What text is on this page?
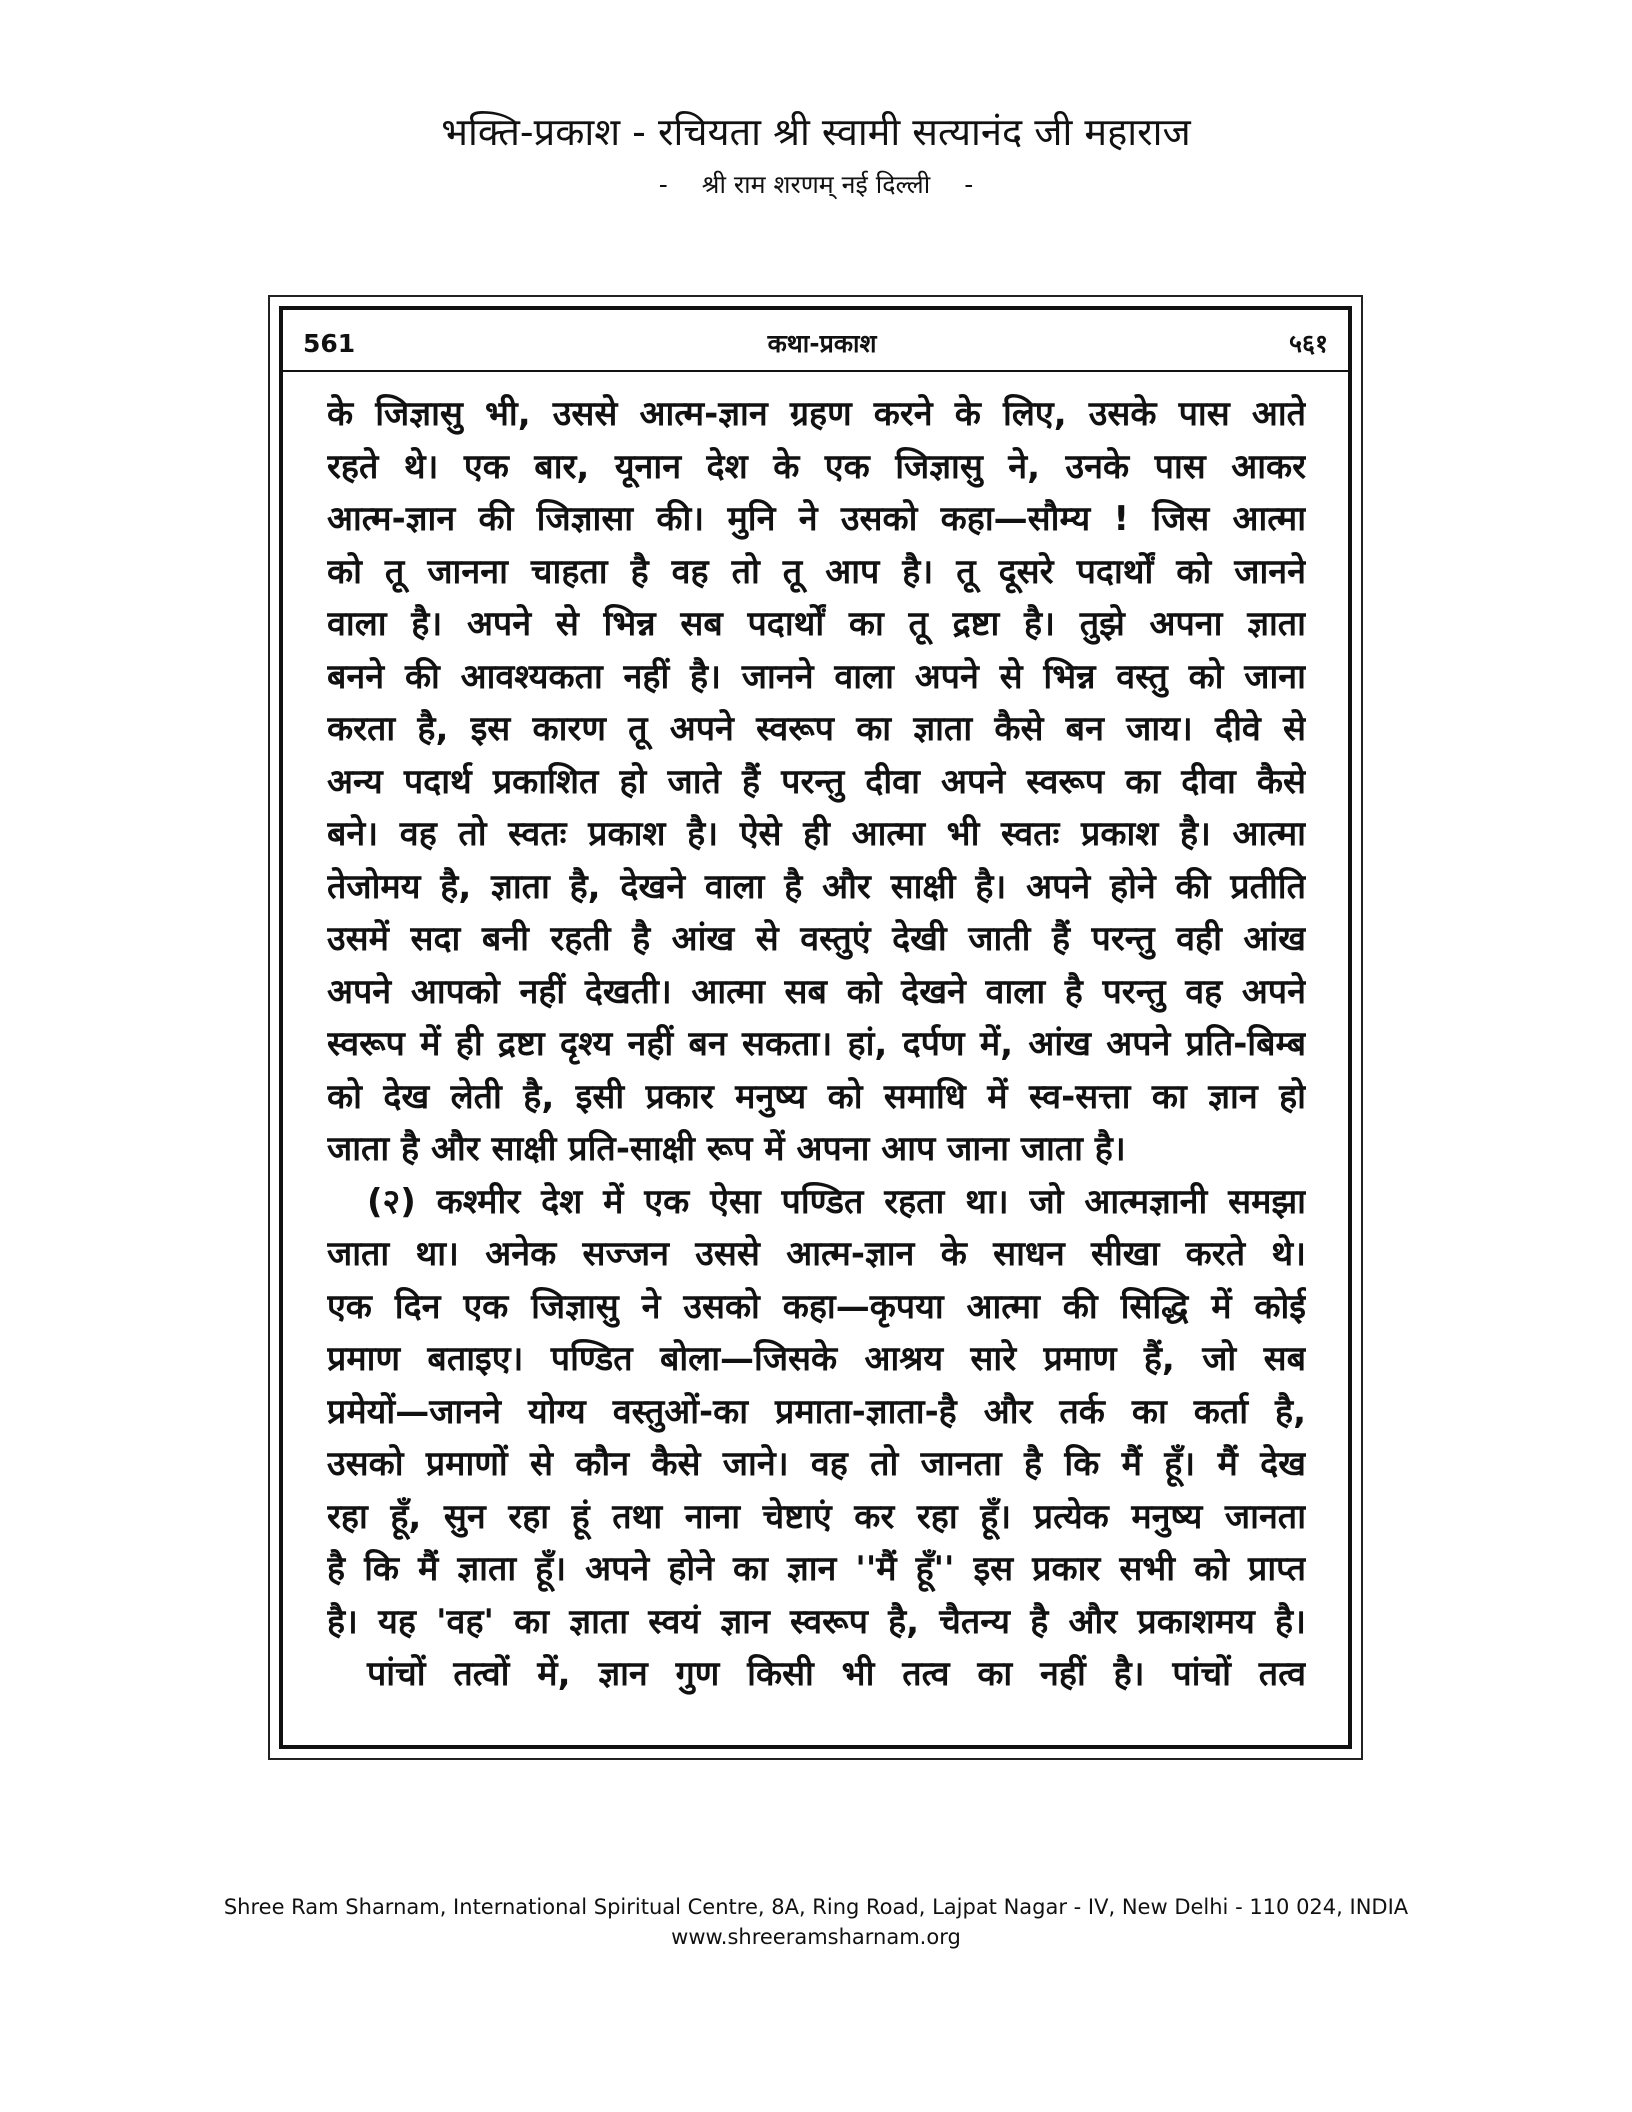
भक्ति-प्रकाश - रचियता श्री स्वामी सत्यानंद जी महाराज
- श्री राम शरणम् नई दिल्ली -
561	कथा-प्रकाश	५६१
के जिज्ञासु भी, उससे आत्म-ज्ञान ग्रहण करने के लिए, उसके पास आते
रहते थे। एक बार, यूनान देश के एक जिज्ञासु ने, उनके पास आकर
आत्म-ज्ञान की जिज्ञासा की। मुनि ने उसको कहा—सौम्य ! जिस आत्मा
को तू जानना चाहता है वह तो तू आप है। तू दूसरे पदार्थों को जानने
वाला है। अपने से भिन्न सब पदार्थों का तू द्रष्टा है। तुझे अपना ज्ञाता
बनने की आवश्यकता नहीं है। जानने वाला अपने से भिन्न वस्तु को जाना
करता है, इस कारण तू अपने स्वरूप का ज्ञाता कैसे बन जाय। दीवे से
अन्य पदार्थ प्रकाशित हो जाते हैं परन्तु दीवा अपने स्वरूप का दीवा कैसे
बने। वह तो स्वतः प्रकाश है। ऐसे ही आत्मा भी स्वतः प्रकाश है। आत्मा
तेजोमय है, ज्ञाता है, देखने वाला है और साक्षी है। अपने होने की प्रतीति
उसमें सदा बनी रहती है आंख से वस्तुएं देखी जाती हैं परन्तु वही आंख
अपने आपको नहीं देखती। आत्मा सब को देखने वाला है परन्तु वह अपने
स्वरूप में ही द्रष्टा दृश्य नहीं बन सकता। हां, दर्पण में, आंख अपने प्रति-बिम्ब
को देख लेती है, इसी प्रकार मनुष्य को समाधि में स्व-सत्ता का ज्ञान हो
जाता है और साक्षी प्रति-साक्षी रूप में अपना आप जाना जाता है।
(२) कश्मीर देश में एक ऐसा पण्डित रहता था। जो आत्मज्ञानी समझा
जाता था। अनेक सज्जन उससे आत्म-ज्ञान के साधन सीखा करते थे।
एक दिन एक जिज्ञासु ने उसको कहा—कृपया आत्मा की सिद्धि में कोई
प्रमाण बताइए। पण्डित बोला—जिसके आश्रय सारे प्रमाण हैं, जो सब
प्रमेयों—जानने योग्य वस्तुओं-का प्रमाता-ज्ञाता-है और तर्क का कर्ता है,
उसको प्रमाणों से कौन कैसे जाने। वह तो जानता है कि मैं हूँ। मैं देख
रहा हूँ, सुन रहा हूं तथा नाना चेष्टाएं कर रहा हूँ। प्रत्येक मनुष्य जानता
है कि मैं ज्ञाता हूँ। अपने होने का ज्ञान ''मैं हूँ'' इस प्रकार सभी को प्राप्त
है। यह 'वह' का ज्ञाता स्वयं ज्ञान स्वरूप है, चैतन्य है और प्रकाशमय है।
पांचों तत्वों में, ज्ञान गुण किसी भी तत्व का नहीं है। पांचों तत्व
Shree Ram Sharnam, International Spiritual Centre, 8A, Ring Road, Lajpat Nagar - IV, New Delhi - 110 024, INDIA
www.shreeramsharnam.org
